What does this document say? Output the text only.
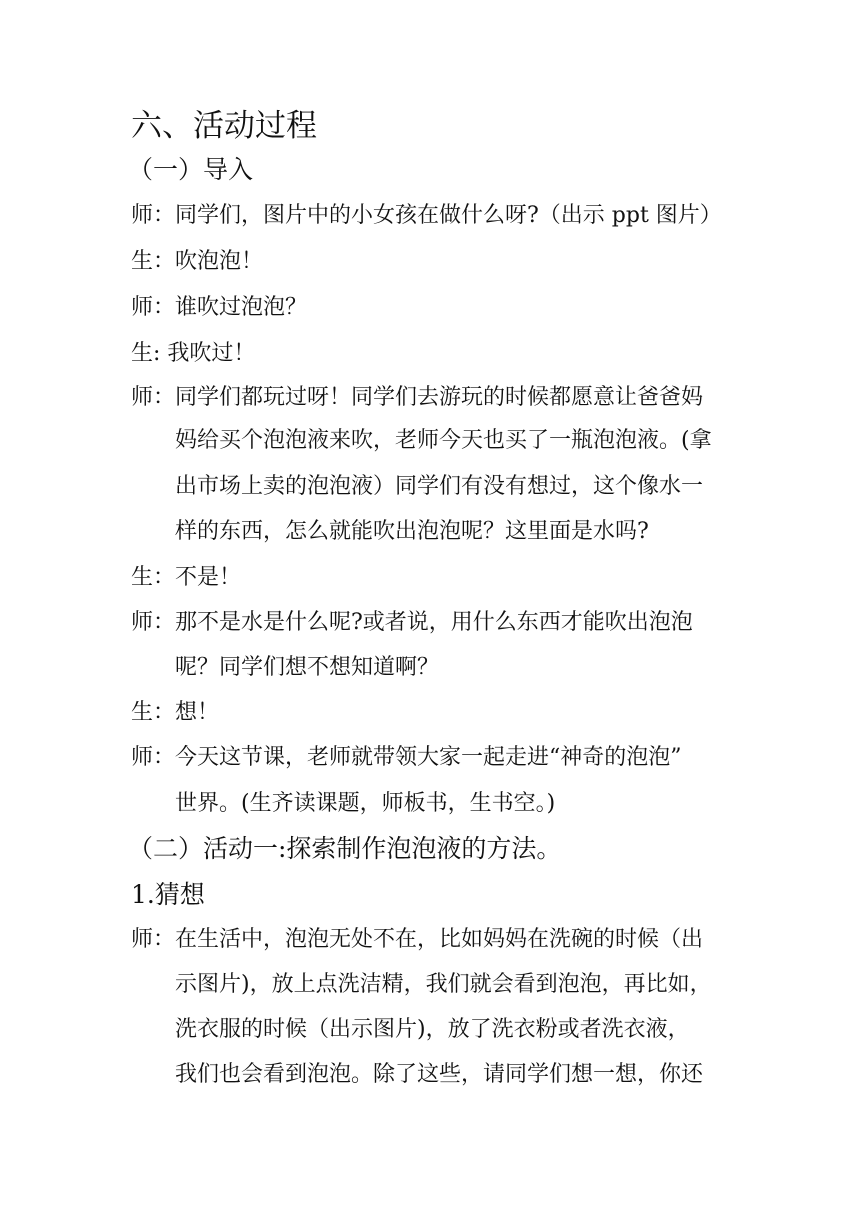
六、活动过程
（一）导入
师：同学们，图片中的小女孩在做什么呀?（出示 ppt 图片）
生：吹泡泡！
师：谁吹过泡泡？
生: 我吹过！
师：同学们都玩过呀！同学们去游玩的时候都愿意让爸爸妈
妈给买个泡泡液来吹，老师今天也买了一瓶泡泡液。(拿
出市场上卖的泡泡液）同学们有没有想过，这个像水一
样的东西，怎么就能吹出泡泡呢？这里面是水吗?
生：不是！
师：那不是水是什么呢?或者说，用什么东西才能吹出泡泡
呢？同学们想不想知道啊？
生：想！
师：今天这节课，老师就带领大家一起走进“神奇的泡泡”
世界。(生齐读课题，师板书，生书空。)
（二）活动一:探索制作泡泡液的方法。
1.猜想
师：在生活中，泡泡无处不在，比如妈妈在洗碗的时候（出
示图片)，放上点洗洁精，我们就会看到泡泡，再比如，
洗衣服的时候（出示图片)，放了洗衣粉或者洗衣液，
我们也会看到泡泡。除了这些，请同学们想一想，你还
